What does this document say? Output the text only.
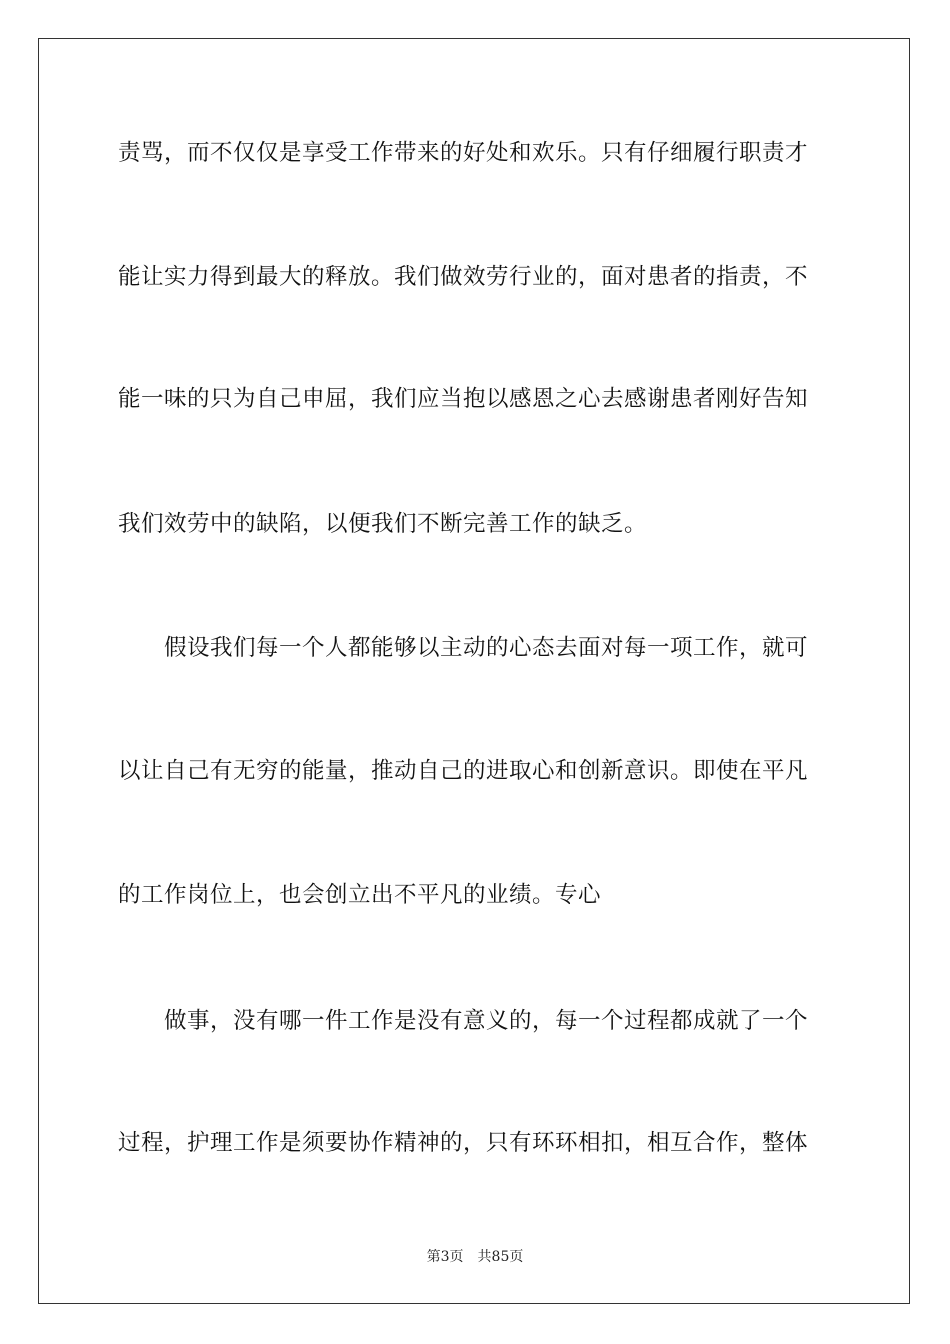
责骂，而不仅仅是享受工作带来的好处和欢乐。只有仔细履行职责才
能让实力得到最大的释放。我们做效劳行业的，面对患者的指责，不
能一味的只为自己申屈，我们应当抱以感恩之心去感谢患者刚好告知
我们效劳中的缺陷，以便我们不断完善工作的缺乏。
假设我们每一个人都能够以主动的心态去面对每一项工作，就可
以让自己有无穷的能量，推动自己的进取心和创新意识。即使在平凡
的工作岗位上，也会创立出不平凡的业绩。专心
做事，没有哪一件工作是没有意义的，每一个过程都成就了一个
过程，护理工作是须要协作精神的，只有环环相扣，相互合作，整体
第3页 共85页
